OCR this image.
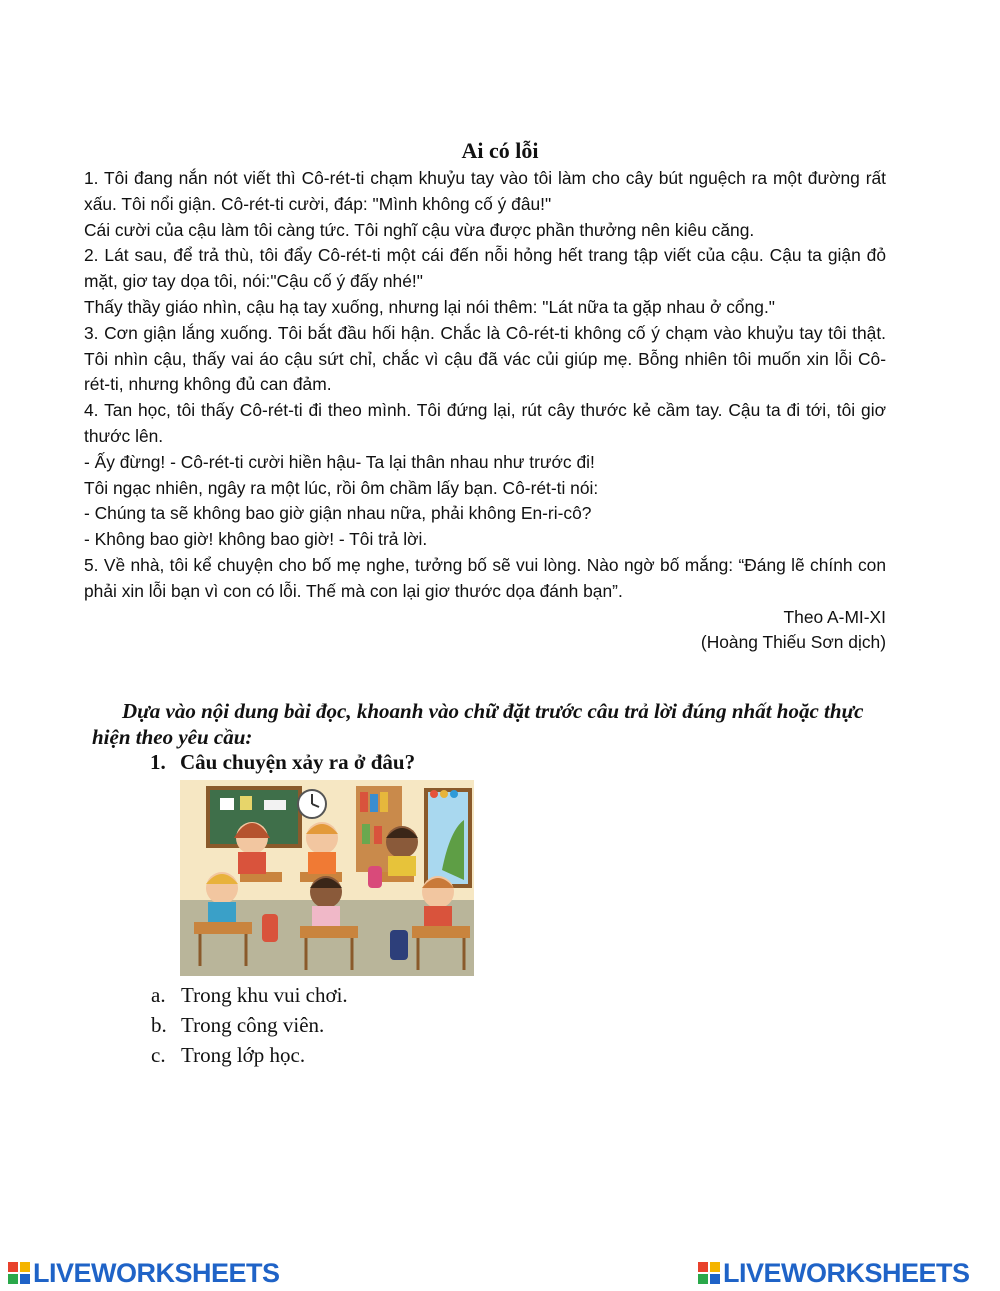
Ai có lỗi

1. Tôi đang nắn nót viết thì Cô-rét-ti chạm khuỷu tay vào tôi làm cho cây bút nguệch ra một đường rất xấu. Tôi nổi giận. Cô-rét-ti cười, đáp: "Mình không cố ý đâu!"

Cái cười của cậu làm tôi càng tức. Tôi nghĩ cậu vừa được phần thưởng nên kiêu căng.

2. Lát sau, để trả thù, tôi đẩy Cô-rét-ti một cái đến nỗi hỏng hết trang tập viết của cậu. Cậu ta giận đỏ mặt, giơ tay dọa tôi, nói:"Cậu cố ý đấy nhé!"

Thấy thầy giáo nhìn, cậu hạ tay xuống, nhưng lại nói thêm: "Lát nữa ta gặp nhau ở cổng."

3. Cơn giận lắng xuống. Tôi bắt đầu hối hận. Chắc là Cô-rét-ti không cố ý chạm vào khuỷu tay tôi thật. Tôi nhìn cậu, thấy vai áo cậu sứt chỉ, chắc vì cậu đã vác củi giúp mẹ. Bỗng nhiên tôi muốn xin lỗi Cô-rét-ti, nhưng không đủ can đảm.

4. Tan học, tôi thấy Cô-rét-ti đi theo mình. Tôi đứng lại, rút cây thước kẻ cầm tay. Cậu ta đi tới, tôi giơ thước lên.

- Ấy đừng! - Cô-rét-ti cười hiền hậu- Ta lại thân nhau như trước đi!

Tôi ngạc nhiên, ngây ra một lúc, rồi ôm chầm lấy bạn. Cô-rét-ti nói:

- Chúng ta sẽ không bao giờ giận nhau nữa, phải không En-ri-cô?

- Không bao giờ! không bao giờ! - Tôi trả lời.

5. Về nhà, tôi kể chuyện cho bố mẹ nghe, tưởng bố sẽ vui lòng. Nào ngờ bố mắng: “Đáng lẽ chính con phải xin lỗi bạn vì con có lỗi. Thế mà con lại giơ thước dọa đánh bạn”.

Theo A-MI-XI

(Hoàng Thiếu Sơn dịch)

Dựa vào nội dung bài đọc, khoanh vào chữ đặt trước câu trả lời đúng nhất hoặc thực hiện theo yêu cầu:
1. Câu chuyện xảy ra ở đâu?
a. Trong khu vui chơi.
b. Trong công viên.
c. Trong lớp học.
LIVEWORKSHEETS	LIVEWORKSHEETS
